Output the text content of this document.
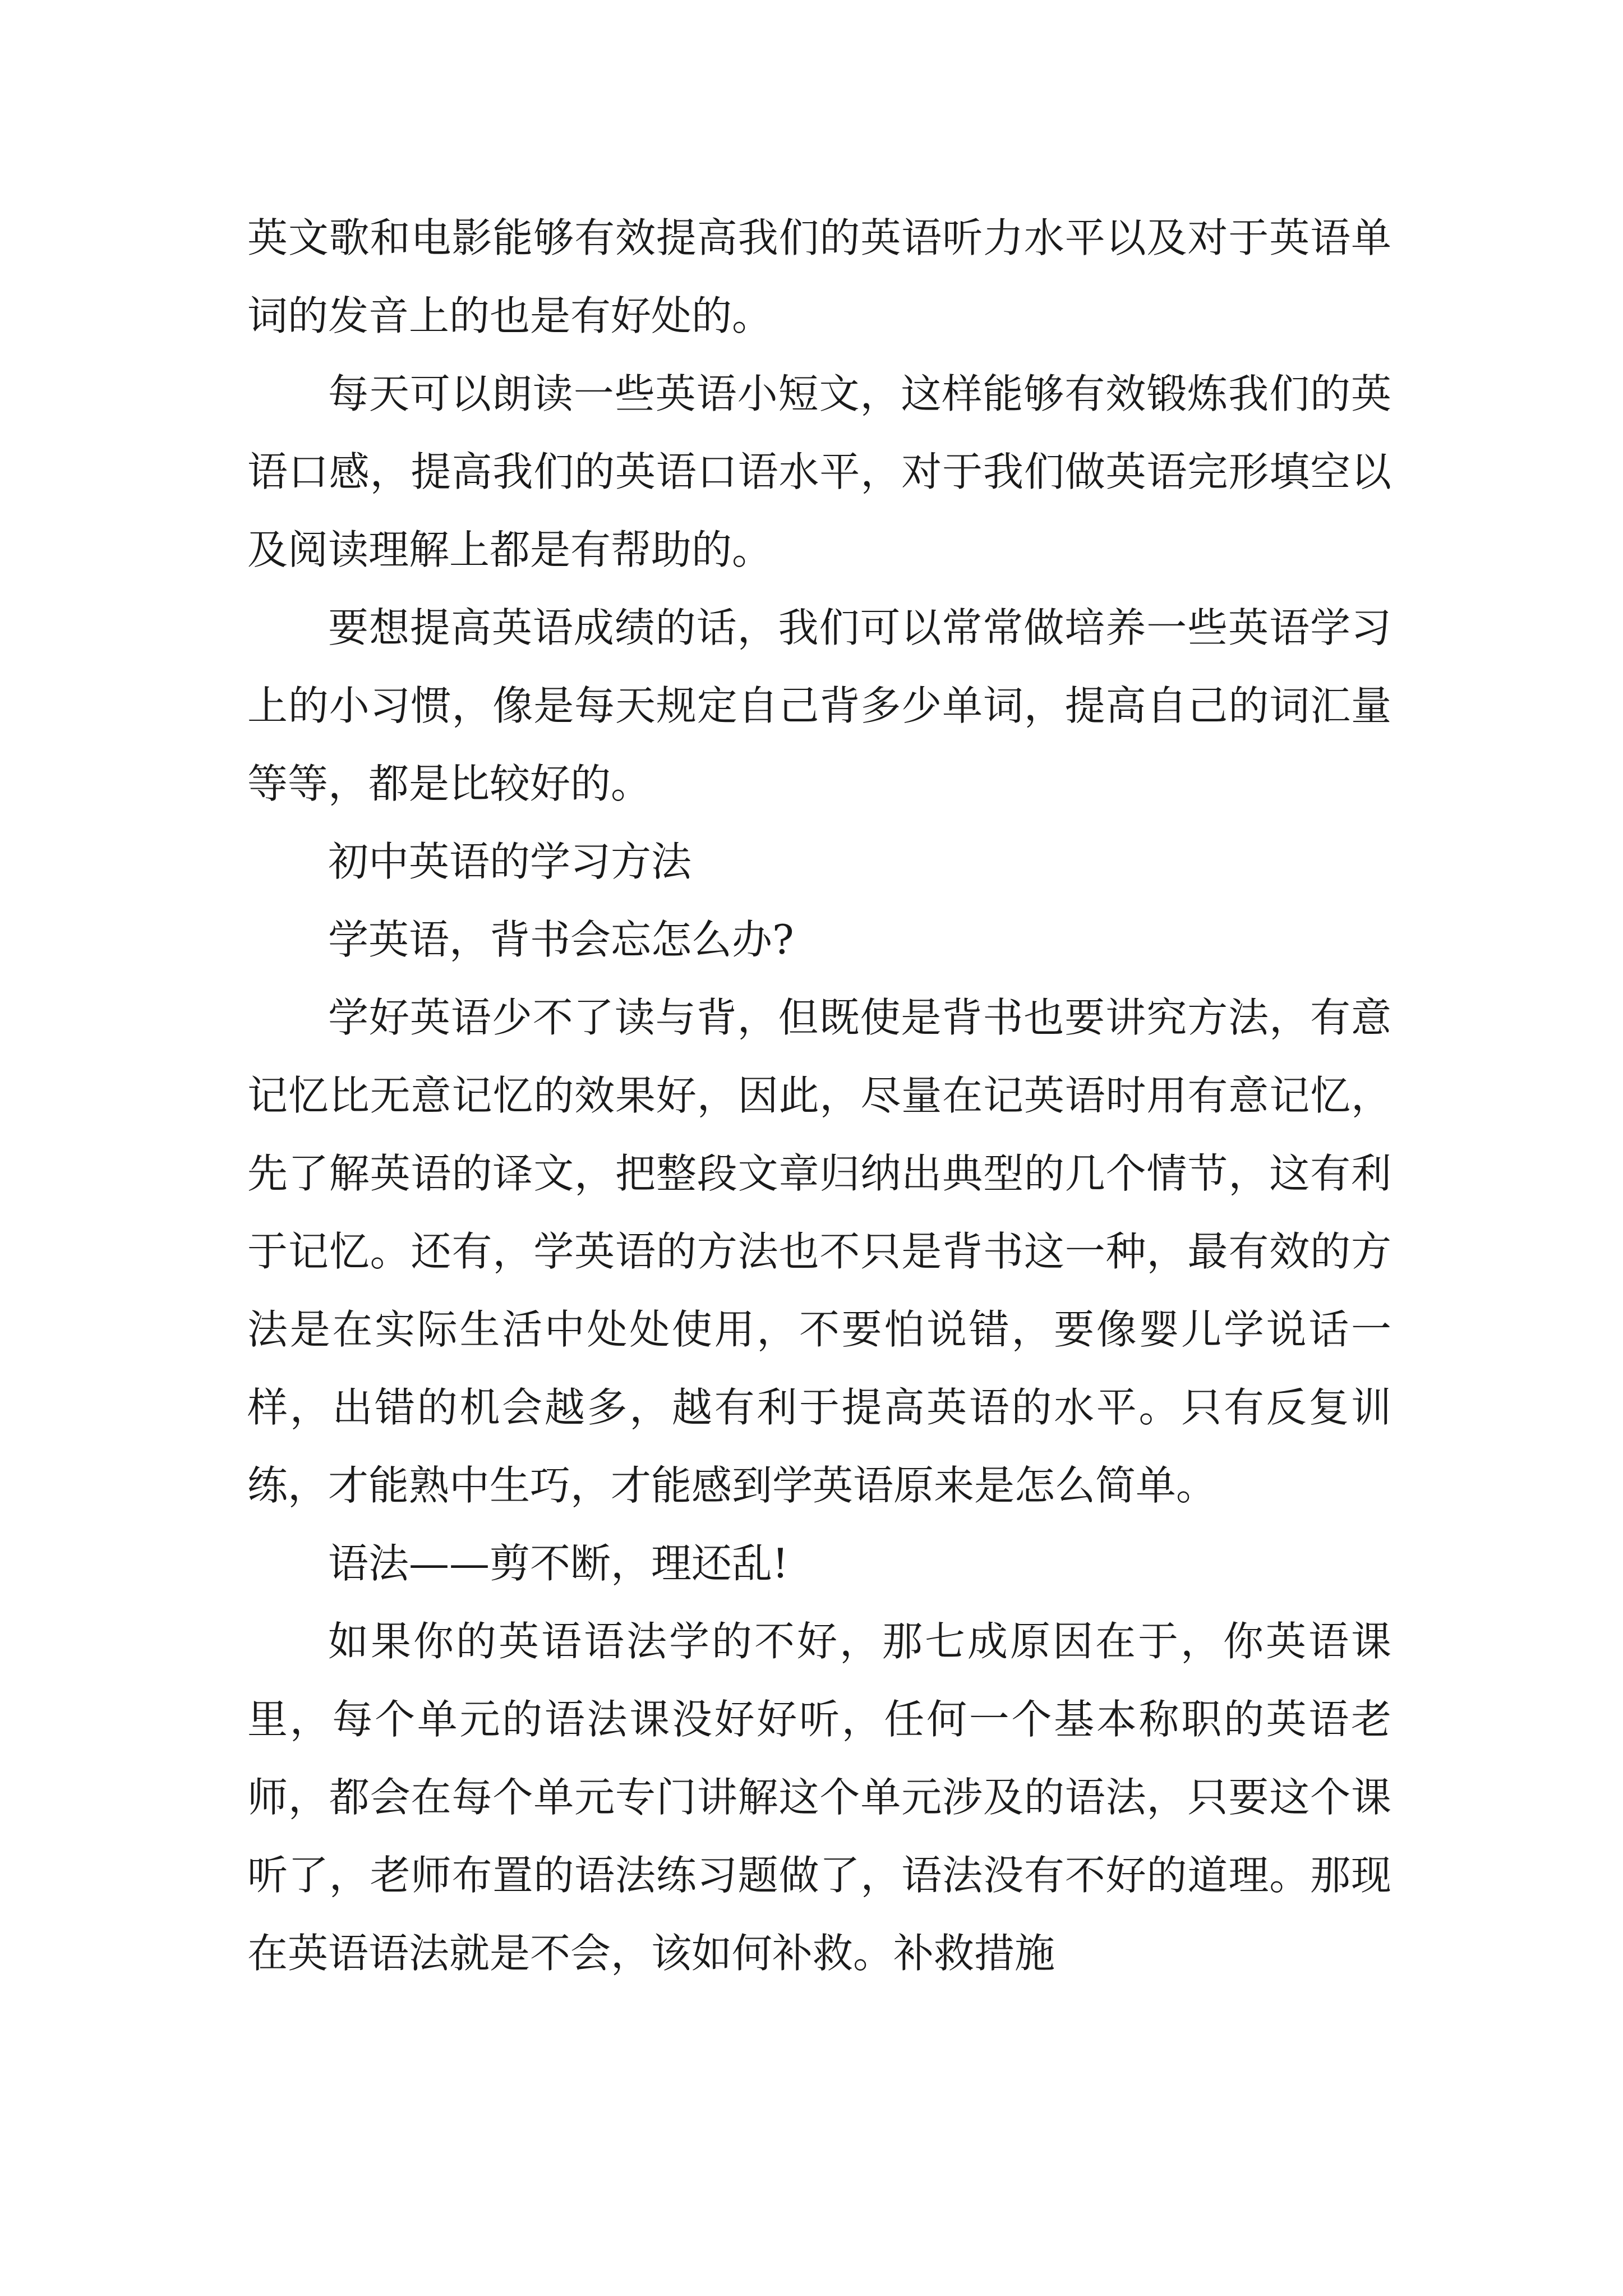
英文歌和电影能够有效提高我们的英语听力水平以及对于英语单词的发音上的也是有好处的。

每天可以朗读一些英语小短文，这样能够有效锻炼我们的英语口感，提高我们的英语口语水平，对于我们做英语完形填空以及阅读理解上都是有帮助的。

要想提高英语成绩的话，我们可以常常做培养一些英语学习上的小习惯，像是每天规定自己背多少单词，提高自己的词汇量等等，都是比较好的。

初中英语的学习方法

学英语，背书会忘怎么办?

学好英语少不了读与背，但既使是背书也要讲究方法，有意记忆比无意记忆的效果好，因此，尽量在记英语时用有意记忆，先了解英语的译文，把整段文章归纳出典型的几个情节，这有利于记忆。还有，学英语的方法也不只是背书这一种，最有效的方法是在实际生活中处处使用，不要怕说错，要像婴儿学说话一样，出错的机会越多，越有利于提高英语的水平。只有反复训练，才能熟中生巧，才能感到学英语原来是怎么简单。

语法——剪不断，理还乱!

如果你的英语语法学的不好，那七成原因在于，你英语课里，每个单元的语法课没好好听，任何一个基本称职的英语老师，都会在每个单元专门讲解这个单元涉及的语法，只要这个课听了，老师布置的语法练习题做了，语法没有不好的道理。那现在英语语法就是不会，该如何补救。补救措施
